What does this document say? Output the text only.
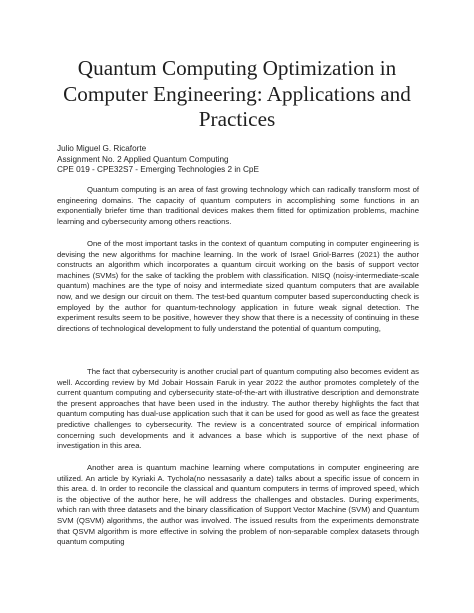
Quantum Computing Optimization in Computer Engineering: Applications and Practices
Julio Miguel G. Ricaforte
Assignment No. 2 Applied Quantum Computing
CPE 019 - CPE32S7 - Emerging Technologies 2 in CpE

Quantum computing is an area of fast growing technology which can radically transform most of engineering domains. The capacity of quantum computers in accomplishing some functions in an exponentially briefer time than traditional devices makes them fitted for optimization problems, machine learning and cybersecurity among others reactions.

One of the most important tasks in the context of quantum computing in computer engineering is devising the new algorithms for machine learning. In the work of Israel Griol-Barres (2021) the author constructs an algorithm which incorporates a quantum circuit working on the basis of support vector machines (SVMs) for the sake of tackling the problem with classification. NISQ (noisy-intermediate-scale quantum) machines are the type of noisy and intermediate sized quantum computers that are available now, and we design our circuit on them. The test-bed quantum computer based superconducting check is employed by the author for quantum-technology application in future weak signal detection. The experiment results seem to be positive, however they show that there is a necessity of continuing in these directions of technological development to fully understand the potential of quantum computing,

The fact that cybersecurity is another crucial part of quantum computing also becomes evident as well. According review by Md Jobair Hossain Faruk in year 2022 the author promotes completely of the current quantum computing and cybersecurity state-of-the-art with illustrative description and demonstrate the present approaches that have been used in the industry. The author thereby highlights the fact that quantum computing has dual-use application such that it can be used for good as well as face the greatest predictive challenges to cybersecurity. The review is a concentrated source of empirical information concerning such developments and it advances a base which is supportive of the next phase of investigation in this area.

Another area is quantum machine learning where computations in computer engineering are utilized. An article by Kyriaki A. Tychola(no nessasarily a date) talks about a specific issue of concern in this area. d. In order to reconcile the classical and quantum computers in terms of improved speed, which is the objective of the author here, he will address the challenges and obstacles. During experiments, which ran with three datasets and the binary classification of Support Vector Machine (SVM) and Quantum SVM (QSVM) algorithms, the author was involved. The issued results from the experiments demonstrate that QSVM algorithm is more effective in solving the problem of non-separable complex datasets through quantum computing
